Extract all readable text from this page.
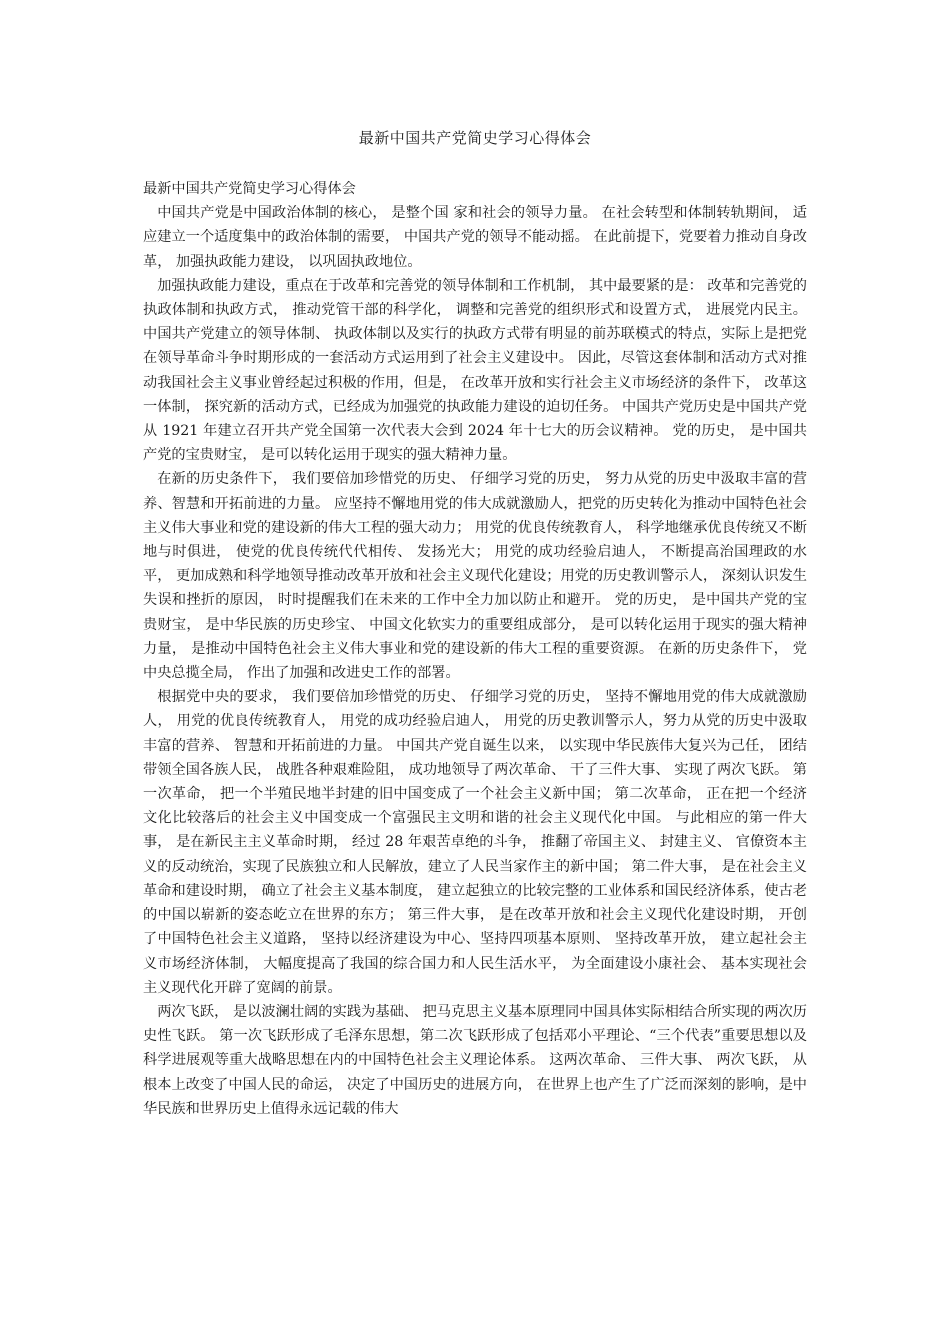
最新中国共产党简史学习心得体会

最新中国共产党简史学习心得体会

中国共产党是中国政治体制的核心， 是整个国 家和社会的领导力量。 在社会转型和体制转轨期间， 适应建立一个适度集中的政治体制的需要， 中国共产党的领导不能动摇。 在此前提下，党要着力推动自身改革， 加强执政能力建设， 以巩固执政地位。

加强执政能力建设，重点在于改革和完善党的领导体制和工作机制， 其中最要紧的是： 改革和完善党的执政体制和执政方式， 推动党管干部的科学化， 调整和完善党的组织形式和设置方式， 进展党内民主。 中国共产党建立的领导体制、 执政体制以及实行的执政方式带有明显的前苏联模式的特点，实际上是把党在领导革命斗争时期形成的一套活动方式运用到了社会主义建设中。 因此，尽管这套体制和活动方式对推动我国社会主义事业曾经起过积极的作用，但是， 在改革开放和实行社会主义市场经济的条件下， 改革这一体制， 探究新的活动方式，已经成为加强党的执政能力建设的迫切任务。 中国共产党历史是中国共产党从 1921 年建立召开共产党全国第一次代表大会到 2024 年十七大的历会议精神。 党的历史， 是中国共产党的宝贵财宝， 是可以转化运用于现实的强大精神力量。

在新的历史条件下， 我们要倍加珍惜党的历史、 仔细学习党的历史， 努力从党的历史中汲取丰富的营养、智慧和开拓前进的力量。 应坚持不懈地用党的伟大成就激励人，把党的历史转化为推动中国特色社会主义伟大事业和党的建设新的伟大工程的强大动力； 用党的优良传统教育人， 科学地继承优良传统又不断地与时俱进， 使党的优良传统代代相传、 发扬光大； 用党的成功经验启迪人， 不断提高治国理政的水平， 更加成熟和科学地领导推动改革开放和社会主义现代化建设；用党的历史教训警示人， 深刻认识发生失误和挫折的原因， 时时提醒我们在未来的工作中全力加以防止和避开。 党的历史， 是中国共产党的宝贵财宝， 是中华民族的历史珍宝、 中国文化软实力的重要组成部分， 是可以转化运用于现实的强大精神力量， 是推动中国特色社会主义伟大事业和党的建设新的伟大工程的重要资源。 在新的历史条件下， 党中央总揽全局， 作出了加强和改进史工作的部署。

根据党中央的要求， 我们要倍加珍惜党的历史、 仔细学习党的历史， 坚持不懈地用党的伟大成就激励人， 用党的优良传统教育人， 用党的成功经验启迪人， 用党的历史教训警示人，努力从党的历史中汲取丰富的营养、 智慧和开拓前进的力量。 中国共产党自诞生以来， 以实现中华民族伟大复兴为己任， 团结带领全国各族人民， 战胜各种艰难险阻， 成功地领导了两次革命、 干了三件大事、 实现了两次飞跃。 第一次革命， 把一个半殖民地半封建的旧中国变成了一个社会主义新中国； 第二次革命， 正在把一个经济文化比较落后的社会主义中国变成一个富强民主文明和谐的社会主义现代化中国。 与此相应的第一件大事， 是在新民主主义革命时期， 经过 28 年艰苦卓绝的斗争， 推翻了帝国主义、 封建主义、 官僚资本主义的反动统治，实现了民族独立和人民解放，建立了人民当家作主的新中国； 第二件大事， 是在社会主义革命和建设时期， 确立了社会主义基本制度， 建立起独立的比较完整的工业体系和国民经济体系，使古老的中国以崭新的姿态屹立在世界的东方； 第三件大事， 是在改革开放和社会主义现代化建设时期， 开创了中国特色社会主义道路， 坚持以经济建设为中心、坚持四项基本原则、 坚持改革开放， 建立起社会主义市场经济体制， 大幅度提高了我国的综合国力和人民生活水平， 为全面建设小康社会、 基本实现社会主义现代化开辟了宽阔的前景。

两次飞跃， 是以波澜壮阔的实践为基础、 把马克思主义基本原理同中国具体实际相结合所实现的两次历史性飞跃。 第一次飞跃形成了毛泽东思想，第二次飞跃形成了包括邓小平理论、“三个代表”重要思想以及科学进展观等重大战略思想在内的中国特色社会主义理论体系。 这两次革命、 三件大事、 两次飞跃， 从根本上改变了中国人民的命运， 决定了中国历史的进展方向， 在世界上也产生了广泛而深刻的影响，是中华民族和世界历史上值得永远记载的伟大
